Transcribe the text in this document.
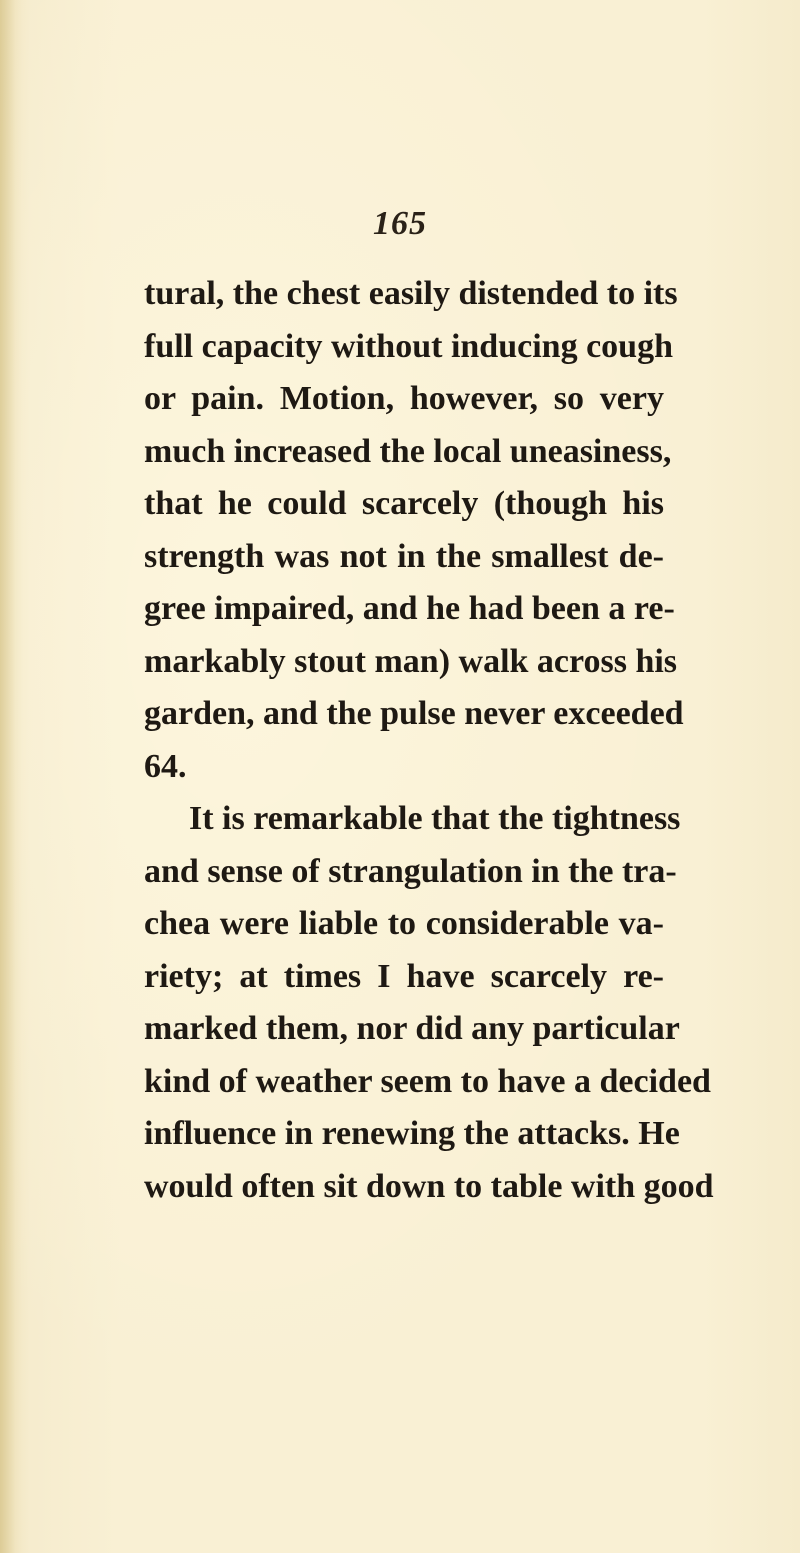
165
tural, the chest easily distended to its
full capacity without inducing cough
or pain. Motion, however, so very
much increased the local uneasiness,
that he could scarcely (though his
strength was not in the smallest de-
gree impaired, and he had been a re-
markably stout man) walk across his
garden, and the pulse never exceeded
64.
It is remarkable that the tightness
and sense of strangulation in the tra-
chea were liable to considerable va-
riety; at times I have scarcely re-
marked them, nor did any particular
kind of weather seem to have a decided
influence in renewing the attacks. He
would often sit down to table with good
